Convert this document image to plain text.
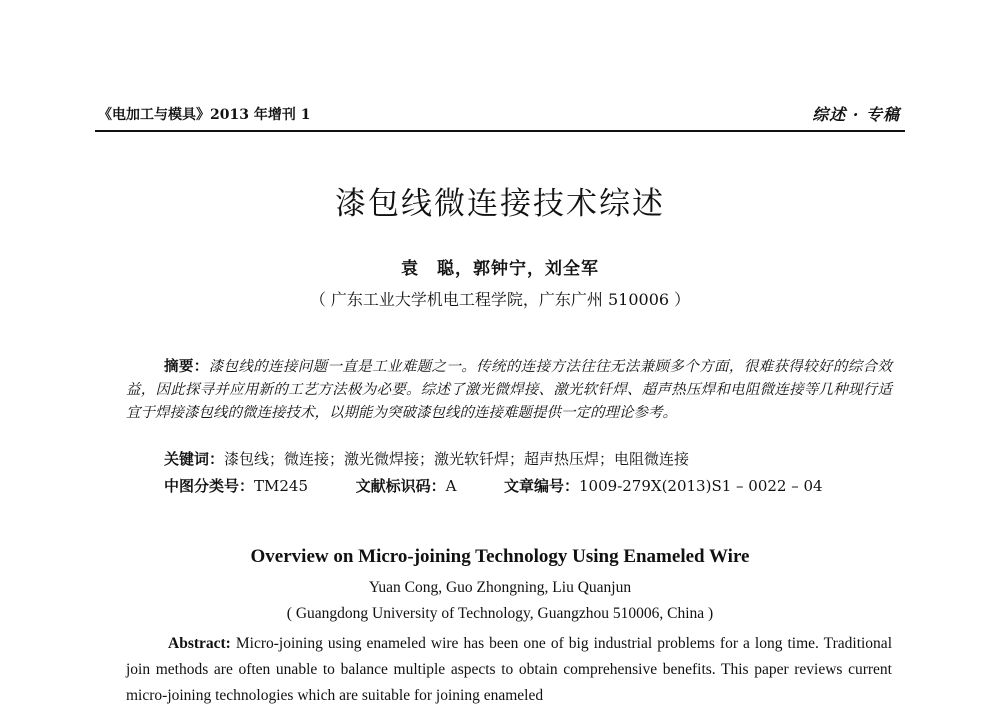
《电加工与模具》2013 年增刊 1	综述 · 专稿
漆包线微连接技术综述
袁　聪，郭钟宁，刘全军
（ 广东工业大学机电工程学院，广东广州 510006 ）
摘要：漆包线的连接问题一直是工业难题之一。传统的连接方法往往无法兼顾多个方面，很难获得较好的综合效益，因此探寻并应用新的工艺方法极为必要。综述了激光微焊接、激光软钎焊、超声热压焊和电阻微连接等几种现行适宜于焊接漆包线的微连接技术，以期能为突破漆包线的连接难题提供一定的理论参考。
关键词：漆包线；微连接；激光微焊接；激光软钎焊；超声热压焊；电阻微连接
中图分类号：TM245	文献标识码：A	文章编号：1009-279X(2013)S1 – 0022 – 04
Overview on Micro-joining Technology Using Enameled Wire
Yuan Cong, Guo Zhongning, Liu Quanjun
( Guangdong University of Technology, Guangzhou 510006, China )
Abstract: Micro-joining using enameled wire has been one of big industrial problems for a long time. Traditional join methods are often unable to balance multiple aspects to obtain comprehensive benefits. This paper reviews current micro-joining technologies which are suitable for joining enameled
